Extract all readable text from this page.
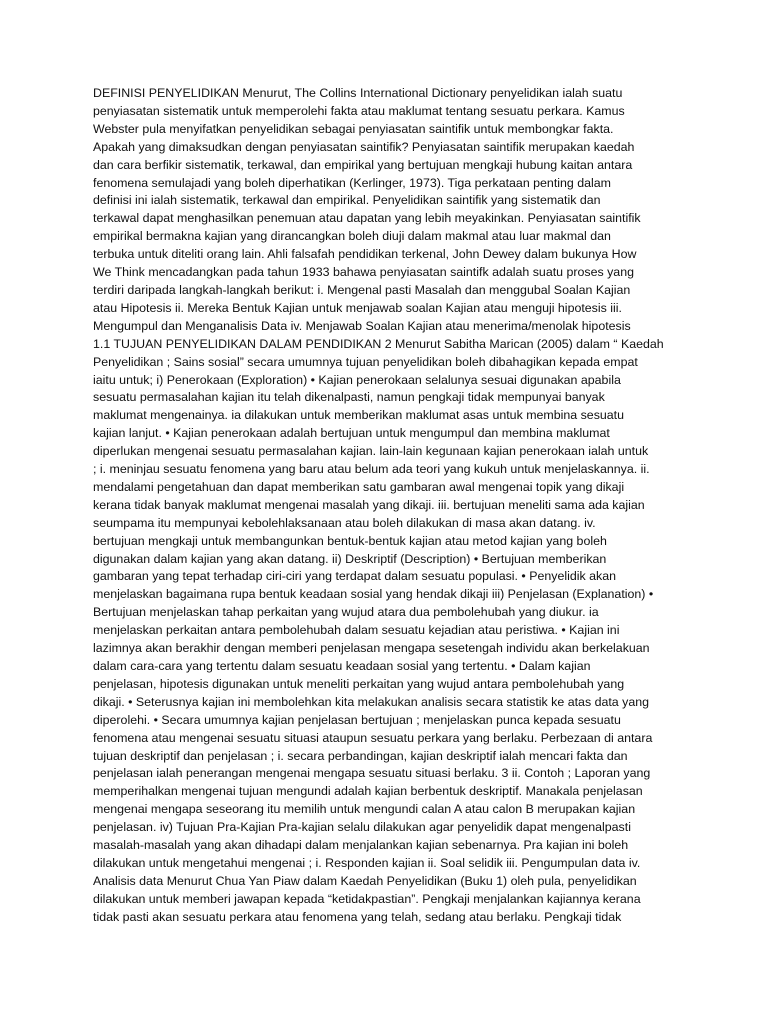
DEFINISI PENYELIDIKAN Menurut, The Collins International Dictionary penyelidikan ialah suatu
penyiasatan sistematik untuk memperolehi fakta atau maklumat tentang sesuatu perkara. Kamus
Webster pula menyifatkan penyelidikan sebagai penyiasatan saintifik untuk membongkar fakta.
Apakah yang dimaksudkan dengan penyiasatan saintifik? Penyiasatan saintifik merupakan kaedah
dan cara berfikir sistematik, terkawal, dan empirikal yang bertujuan mengkaji hubung kaitan antara
fenomena semulajadi yang boleh diperhatikan (Kerlinger, 1973). Tiga perkataan penting dalam
definisi ini ialah sistematik, terkawal dan empirikal. Penyelidikan saintifik yang sistematik dan
terkawal dapat menghasilkan penemuan atau dapatan yang lebih meyakinkan. Penyiasatan saintifik
empirikal bermakna kajian yang dirancangkan boleh diuji dalam makmal atau luar makmal dan
terbuka untuk diteliti orang lain. Ahli falsafah pendidikan terkenal, John Dewey dalam bukunya How
We Think mencadangkan pada tahun 1933 bahawa penyiasatan saintifk adalah suatu proses yang
terdiri daripada langkah-langkah berikut: i. Mengenal pasti Masalah dan menggubal Soalan Kajian
atau Hipotesis ii. Mereka Bentuk Kajian untuk menjawab soalan Kajian atau menguji hipotesis iii.
Mengumpul dan Menganalisis Data iv. Menjawab Soalan Kajian atau menerima/menolak hipotesis
1.1 TUJUAN PENYELIDIKAN DALAM PENDIDIKAN 2 Menurut Sabitha Marican (2005) dalam “ Kaedah
Penyelidikan ; Sains sosial” secara umumnya tujuan penyelidikan boleh dibahagikan kepada empat
iaitu untuk; i) Penerokaan (Exploration) • Kajian penerokaan selalunya sesuai digunakan apabila
sesuatu permasalahan kajian itu telah dikenalpasti, namun pengkaji tidak mempunyai banyak
maklumat mengenainya. ia dilakukan untuk memberikan maklumat asas untuk membina sesuatu
kajian lanjut. • Kajian penerokaan adalah bertujuan untuk mengumpul dan membina maklumat
diperlukan mengenai sesuatu permasalahan kajian. lain-lain kegunaan kajian penerokaan ialah untuk
; i. meninjau sesuatu fenomena yang baru atau belum ada teori yang kukuh untuk menjelaskannya. ii.
mendalami pengetahuan dan dapat memberikan satu gambaran awal mengenai topik yang dikaji
kerana tidak banyak maklumat mengenai masalah yang dikaji. iii. bertujuan meneliti sama ada kajian
seumpama itu mempunyai kebolehlaksanaan atau boleh dilakukan di masa akan datang. iv.
bertujuan mengkaji untuk membangunkan bentuk-bentuk kajian atau metod kajian yang boleh
digunakan dalam kajian yang akan datang. ii) Deskriptif (Description) • Bertujuan memberikan
gambaran yang tepat terhadap ciri-ciri yang terdapat dalam sesuatu populasi. • Penyelidik akan
menjelaskan bagaimana rupa bentuk keadaan sosial yang hendak dikaji iii) Penjelasan (Explanation) •
Bertujuan menjelaskan tahap perkaitan yang wujud atara dua pembolehubah yang diukur. ia
menjelaskan perkaitan antara pembolehubah dalam sesuatu kejadian atau peristiwa. • Kajian ini
lazimnya akan berakhir dengan memberi penjelasan mengapa sesetengah individu akan berkelakuan
dalam cara-cara yang tertentu dalam sesuatu keadaan sosial yang tertentu. • Dalam kajian
penjelasan, hipotesis digunakan untuk meneliti perkaitan yang wujud antara pembolehubah yang
dikaji. • Seterusnya kajian ini membolehkan kita melakukan analisis secara statistik ke atas data yang
diperolehi. • Secara umumnya kajian penjelasan bertujuan ; menjelaskan punca kepada sesuatu
fenomena atau mengenai sesuatu situasi ataupun sesuatu perkara yang berlaku. Perbezaan di antara
tujuan deskriptif dan penjelasan ; i. secara perbandingan, kajian deskriptif ialah mencari fakta dan
penjelasan ialah penerangan mengenai mengapa sesuatu situasi berlaku. 3 ii. Contoh ; Laporan yang
memperihalkan mengenai tujuan mengundi adalah kajian berbentuk deskriptif. Manakala penjelasan
mengenai mengapa seseorang itu memilih untuk mengundi calan A atau calon B merupakan kajian
penjelasan. iv) Tujuan Pra-Kajian Pra-kajian selalu dilakukan agar penyelidik dapat mengenalpasti
masalah-masalah yang akan dihadapi dalam menjalankan kajian sebenarnya. Pra kajian ini boleh
dilakukan untuk mengetahui mengenai ; i. Responden kajian ii. Soal selidik iii. Pengumpulan data iv.
Analisis data Menurut Chua Yan Piaw dalam Kaedah Penyelidikan (Buku 1) oleh pula, penyelidikan
dilakukan untuk memberi jawapan kepada “ketidakpastian”. Pengkaji menjalankan kajiannya kerana
tidak pasti akan sesuatu perkara atau fenomena yang telah, sedang atau berlaku. Pengkaji tidak
